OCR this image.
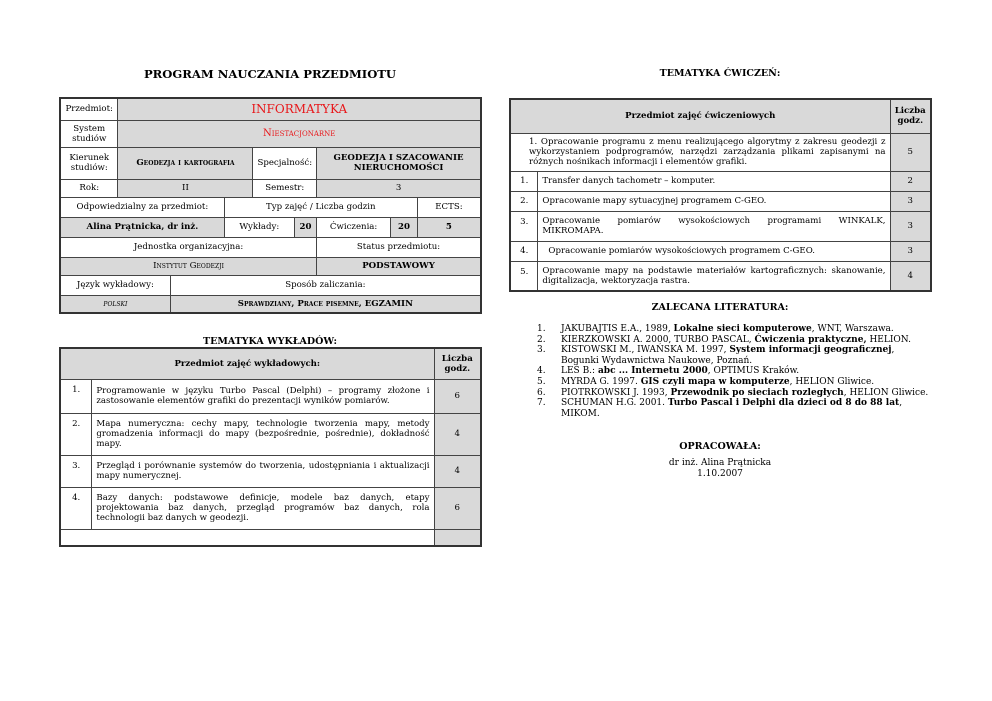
PROGRAM NAUCZANIA PRZEDMIOTU
Przedmiot:	INFORMATYKA							
System studiów	Niestacjonarne							
Kierunek studiów:	Geodezja i kartografia			Specjalność:		GEODEZJA I SZACOWANIE NIERUCHOMOŚCI		
Rok:	II			Semestr:		3		
Odpowiedzialny za przedmiot:			Typ zajęć / Liczba godzin					ECTS:
Alina Prątnicka, dr inż.			Wykłady:		20	Ćwiczenia:	20	5
Jednostka organizacyjna:						Status przedmiotu:		
Instytut Geodezji						PODSTAWOWY		
Język wykładowy:		Sposób zaliczania:						
polski		Sprawdziany, Prace pisemne, EGZAMIN						
TEMATYKA WYKŁADÓW:
Przedmiot zajęć wykładowych:		Liczba godz.
1.	Programowanie w języku Turbo Pascal (Delphi) – programy złożone i zastosowanie elementów grafiki do prezentacji wyników pomiarów.	6
2.	Mapa numeryczna: cechy mapy, technologie tworzenia mapy, metody gromadzenia informacji do mapy (bezpośrednie, pośrednie), dokładność mapy.	4
3.	Przegląd i porównanie systemów do tworzenia, udostępniania i aktualizacji mapy numerycznej.	4
4.	Bazy danych: podstawowe definicje, modele baz danych, etapy projektowania baz danych, przegląd programów baz danych, rola technologii baz danych w geodezji.	6

TEMATYKA ĆWICZEŃ:
Przedmiot zajęć ćwiczeniowych		Liczba godz.
1. Opracowanie programu z menu realizującego algorytmy z zakresu geodezji z wykorzystaniem podprogramów, narzędzi zarządzania plikami zapisanymi na różnych nośnikach informacji i elementów grafiki.		5
1.	Transfer danych tachometr – komputer.	2
2.	Opracowanie mapy sytuacyjnej programem C-GEO.	3
3.	Opracowanie pomiarów wysokościowych programami WINKALK, MIKROMAPA.	3
4.	Opracowanie pomiarów wysokościowych programem C-GEO.	3
5.	Opracowanie mapy na podstawie materiałów kartograficznych: skanowanie, digitalizacja, wektoryzacja rastra.	4
ZALECANA LITERATURA:
1. JAKUBAJTIS E.A., 1989, Lokalne sieci komputerowe, WNT, Warszawa.
2. KIERZKOWSKI A. 2000, TURBO PASCAL, Ćwiczenia praktyczne, HELION.
3. KISTOWSKI M., IWAŃSKA M. 1997, System informacji geograficznej, Bogunki Wydawnictwa Naukowe, Poznań.
4. LEŚ B.: abc ... Internetu 2000, OPTIMUS Kraków.
5. MYRDA G. 1997. GIS czyli mapa w komputerze, HELION Gliwice.
6. PIOTRKOWSKI J. 1993, Przewodnik po sieciach rozległych, HELION Gliwice.
7. SCHUMAN H.G. 2001. Turbo Pascal i Delphi dla dzieci od 8 do 88 lat, MIKOM.
OPRACOWAŁA:
dr inż. Alina Prątnicka
1.10.2007
